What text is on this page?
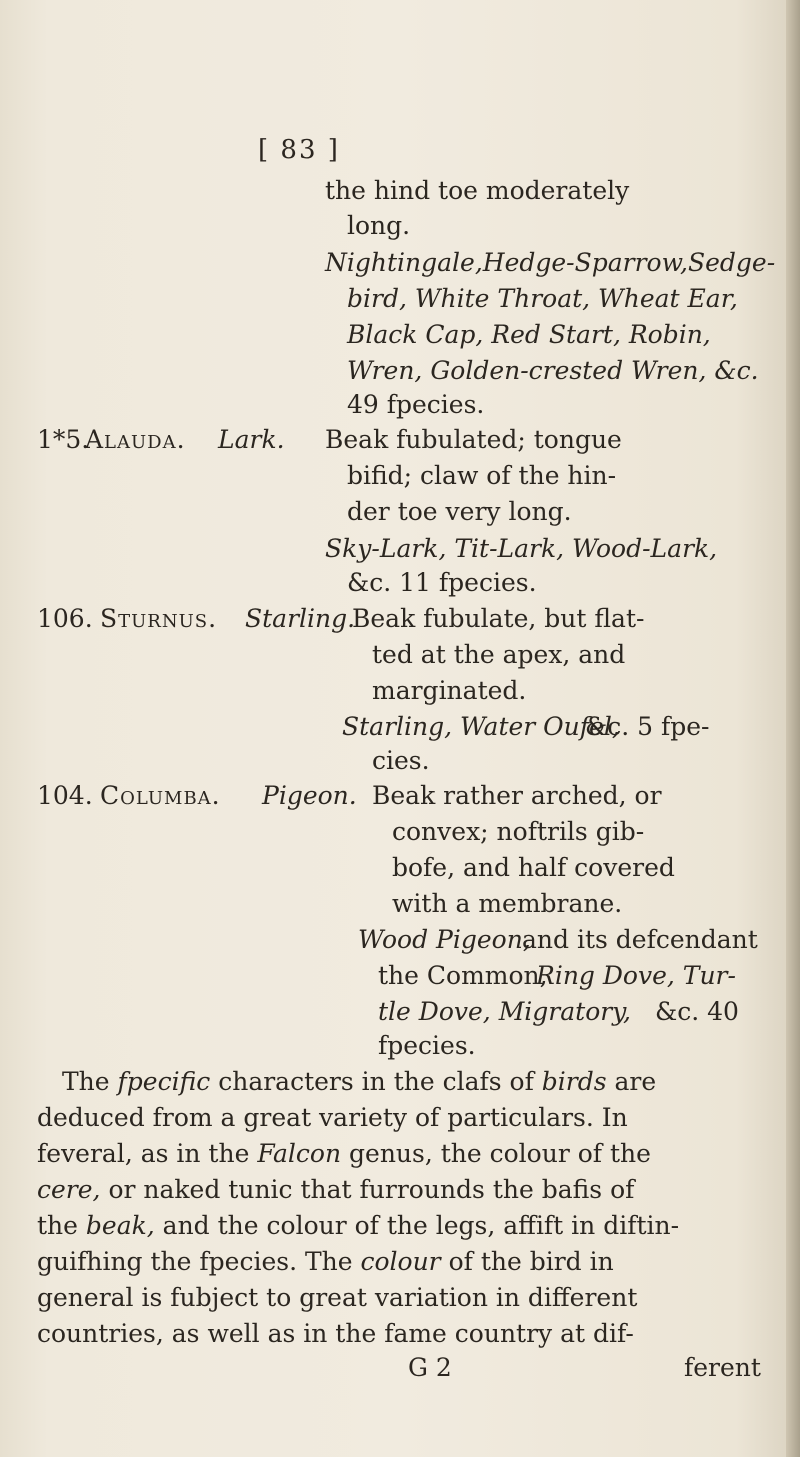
[ 83 ]
the hind toe moderately
long.
Nightingale,Hedge-Sparrow,Sedge-
bird, White Throat, Wheat Ear,
Black Cap, Red Start, Robin,
Wren, Golden-crested Wren, &c.
49 fpecies.
1*5.
Alauda. Lark. Beak fubulated; tongue
bifid; claw of the hin-
der toe very long.
Sky-Lark, Tit-Lark, Wood-Lark,
&c. 11 fpecies.
106. Sturnus. Starling.
Beak fubulate, but flat-
ted at the apex, and
marginated.
Starling, Water Oufel,
&c. 5 fpe-
cies.
104. Columba. Pigeon. Beak rather arched, or
convex; noftrils gib-
bofe, and half covered
with a membrane.
Wood Pigeon,
and its defcendant
the Common,
Ring Dove, Tur-
tle Dove, Migratory, &c. 40
fpecies.
The fpecific characters in the clafs of birds are
deduced from a great variety of particulars. In
feveral, as in the Falcon genus, the colour of the
cere, or naked tunic that furrounds the bafis of
the beak, and the colour of the legs, affift in diftin-
guifhing the fpecies. The colour of the bird in
general is fubject to great variation in different
countries, as well as in the fame country at dif-
G 2	ferent
